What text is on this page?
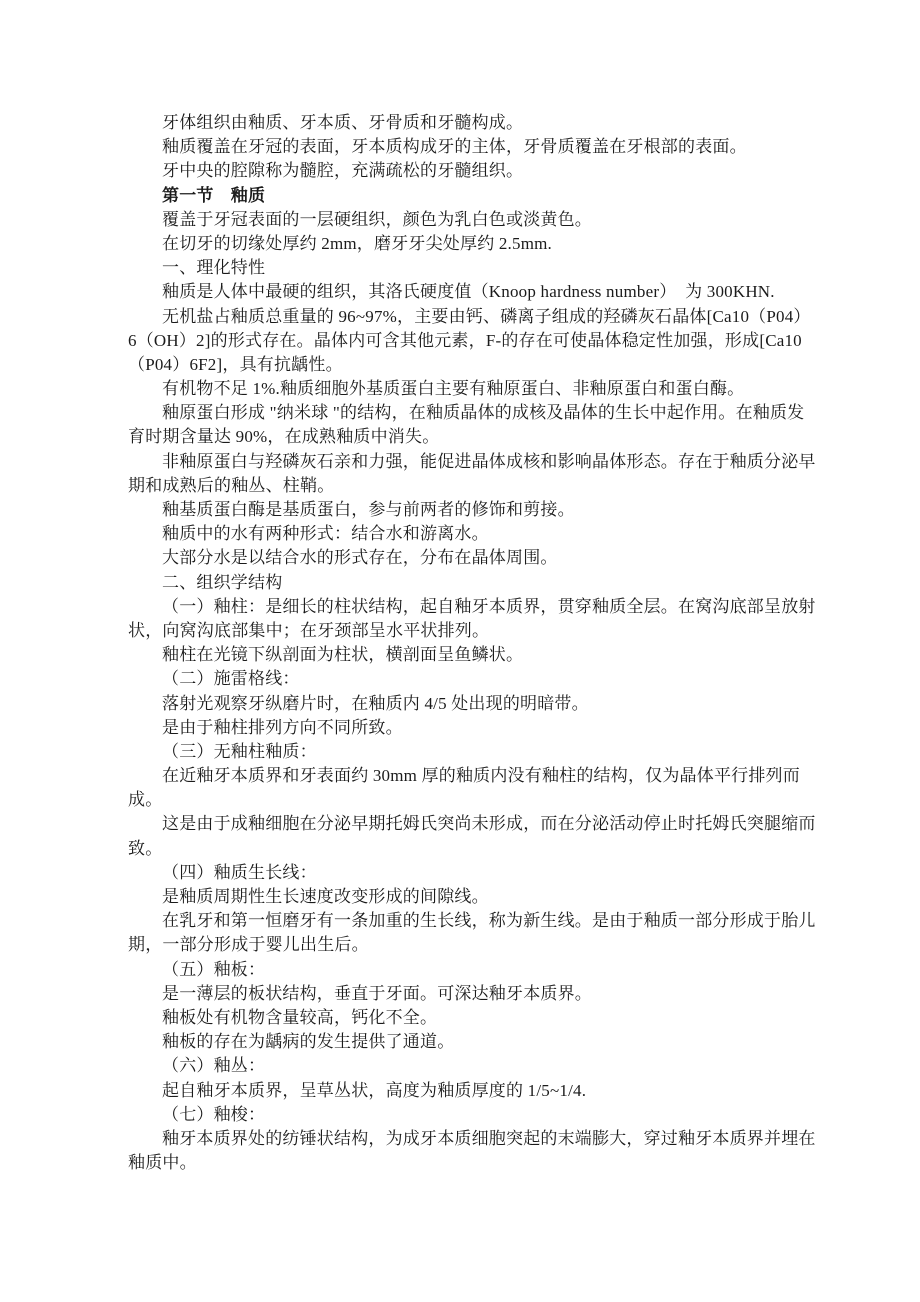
牙体组织由釉质、牙本质、牙骨质和牙髓构成。
釉质覆盖在牙冠的表面，牙本质构成牙的主体，牙骨质覆盖在牙根部的表面。
牙中央的腔隙称为髓腔，充满疏松的牙髓组织。
第一节　釉质
覆盖于牙冠表面的一层硬组织，颜色为乳白色或淡黄色。
在切牙的切缘处厚约 2mm，磨牙牙尖处厚约 2.5mm.
一、理化特性
釉质是人体中最硬的组织，其洛氏硬度值（Knoop hardness number）　为 300KHN.
无机盐占釉质总重量的 96~97%，主要由钙、磷离子组成的羟磷灰石晶体[Ca10（P04）
6（OH）2]的形式存在。晶体内可含其他元素，F-的存在可使晶体稳定性加强，形成[Ca10
（P04）6F2]，具有抗龋性。
有机物不足 1%.釉质细胞外基质蛋白主要有釉原蛋白、非釉原蛋白和蛋白酶。
釉原蛋白形成 "纳米球 "的结构，在釉质晶体的成核及晶体的生长中起作用。在釉质发
育时期含量达 90%，在成熟釉质中消失。
非釉原蛋白与羟磷灰石亲和力强，能促进晶体成核和影响晶体形态。存在于釉质分泌早
期和成熟后的釉丛、柱鞘。
釉基质蛋白酶是基质蛋白，参与前两者的修饰和剪接。
釉质中的水有两种形式：结合水和游离水。
大部分水是以结合水的形式存在，分布在晶体周围。
二、组织学结构
（一）釉柱：是细长的柱状结构，起自釉牙本质界，贯穿釉质全层。在窝沟底部呈放射
状，向窝沟底部集中；在牙颈部呈水平状排列。
釉柱在光镜下纵剖面为柱状，横剖面呈鱼鳞状。
（二）施雷格线：
落射光观察牙纵磨片时，在釉质内 4/5 处出现的明暗带。
是由于釉柱排列方向不同所致。
（三）无釉柱釉质：
在近釉牙本质界和牙表面约 30mm 厚的釉质内没有釉柱的结构，仅为晶体平行排列而
成。
这是由于成釉细胞在分泌早期托姆氏突尚未形成，而在分泌活动停止时托姆氏突腿缩而
致。
（四）釉质生长线：
是釉质周期性生长速度改变形成的间隙线。
在乳牙和第一恒磨牙有一条加重的生长线，称为新生线。是由于釉质一部分形成于胎儿
期，一部分形成于婴儿出生后。
（五）釉板：
是一薄层的板状结构，垂直于牙面。可深达釉牙本质界。
釉板处有机物含量较高，钙化不全。
釉板的存在为龋病的发生提供了通道。
（六）釉丛：
起自釉牙本质界，呈草丛状，高度为釉质厚度的 1/5~1/4.
（七）釉梭：
釉牙本质界处的纺锤状结构，为成牙本质细胞突起的末端膨大，穿过釉牙本质界并埋在
釉质中。
